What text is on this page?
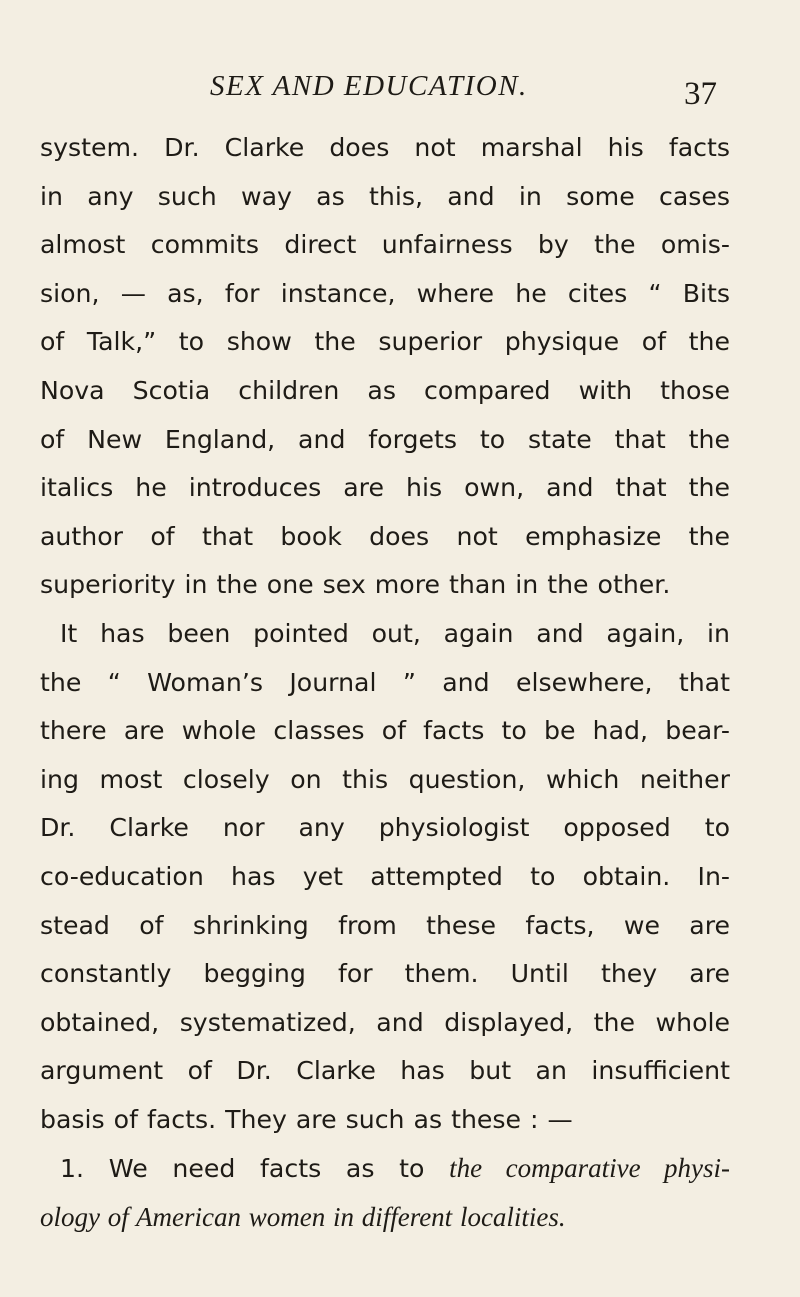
SEX AND EDUCATION.	37
system. Dr. Clarke does not marshal his facts
in any such way as this, and in some cases
almost commits direct unfairness by the omis-
sion, — as, for instance, where he cites “ Bits
of Talk,” to show the superior physique of the
Nova Scotia children as compared with those
of New England, and forgets to state that the
italics he introduces are his own, and that the
author of that book does not emphasize the
superiority in the one sex more than in the other.
It has been pointed out, again and again, in
the “ Woman’s Journal ” and elsewhere, that
there are whole classes of facts to be had, bear-
ing most closely on this question, which neither
Dr. Clarke nor any physiologist opposed to
co-education has yet attempted to obtain. In-
stead of shrinking from these facts, we are
constantly begging for them. Until they are
obtained, systematized, and displayed, the whole
argument of Dr. Clarke has but an insufficient
basis of facts. They are such as these : —
1. We need facts as to the comparative physi-
ology of American women in different localities.
